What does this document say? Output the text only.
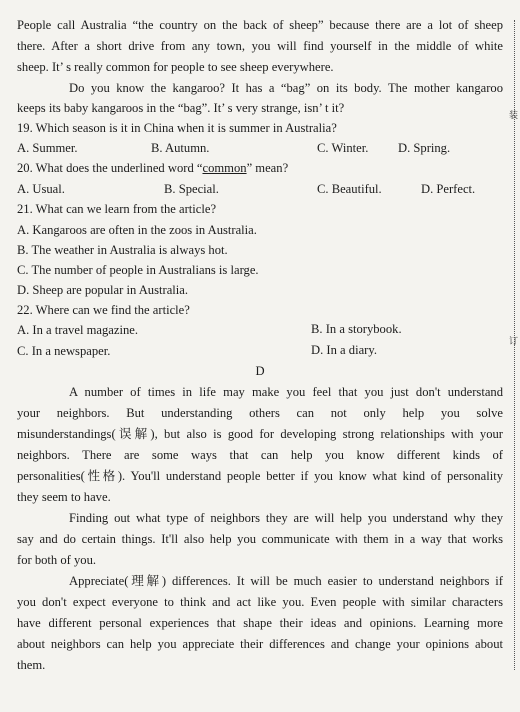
People call Australia “the country on the back of sheep” because there are a lot of sheep
there. After a short drive from any town, you will find yourself in the middle of white
sheep. It’ s really common for people to see sheep everywhere.
Do you know the kangaroo? It has a “bag” on its body. The mother kangaroo
keeps its baby kangaroos in the “bag”. It’ s very strange, isn’ t it?
19. Which season is it in China when it is summer in Australia?
A. Summer.	B. Autumn.	C. Winter. D. Spring.
20. What does the underlined word “common” mean?
A. Usual.	B. Special.	C. Beautiful.	D. Perfect.
21. What can we learn from the article?
A. Kangaroos are often in the zoos in Australia.
B. The weather in Australia is always hot.
C. The number of people in Australians is large.
D. Sheep are popular in Australia.
22. Where can we find the article?
A. In a travel magazine.	B. In a storybook.
C. In a newspaper.	D. In a diary.
D
A number of times in life may make you feel that you just don't understand
your neighbors. But understanding others can not only help you solve
misunderstandings(误解), but also is good for developing strong relationships with your
neighbors. There are some ways that can help you know different kinds of
personalities(性格). You'll understand people better if you know what kind of personality
they seem to have.
Finding out what type of neighbors they are will help you understand why they
say and do certain things. It'll also help you communicate with them in a way that works
for both of you.
Appreciate(理解) differences. It will be much easier to understand neighbors if
you don't expect everyone to think and act like you. Even people with similar characters
have different personal experiences that shape their ideas and opinions. Learning more
about neighbors can help you appreciate their differences and change your opinions about
them.
装
订
